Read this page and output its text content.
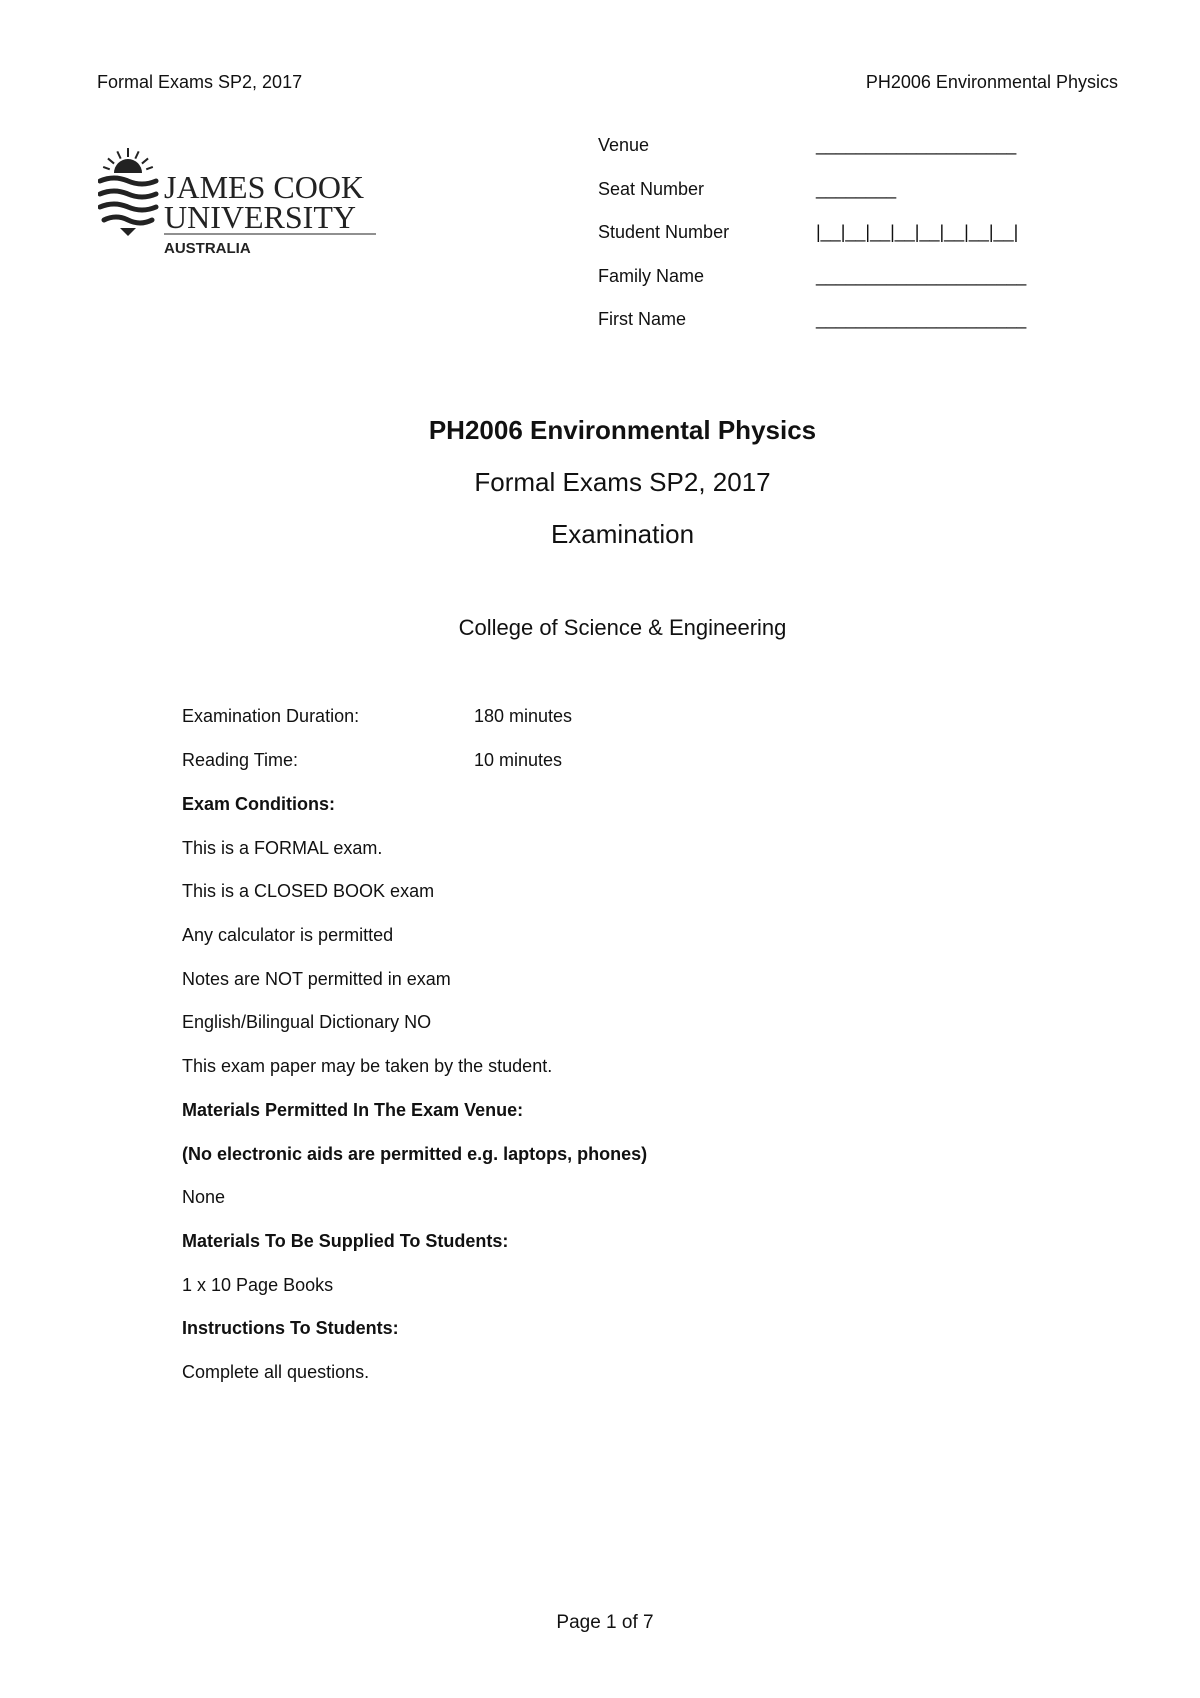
Formal Exams SP2, 2017	PH2006 Environmental Physics
JAMES COOK
UNIVERSITY
AUSTRALIA
Venue	____________________
Seat Number	________
Student Number	|__|__|__|__|__|__|__|__|
Family Name	_____________________
First Name	_____________________
PH2006 Environmental Physics
Formal Exams SP2, 2017
Examination
College of Science & Engineering
Examination Duration:	180 minutes
Reading Time:	10 minutes
Exam Conditions:
This is a FORMAL exam.
This is a CLOSED BOOK exam
Any calculator is permitted
Notes are NOT permitted in exam
English/Bilingual Dictionary NO
This exam paper may be taken by the student.
Materials Permitted In The Exam Venue:
(No electronic aids are permitted e.g. laptops, phones)
None
Materials To Be Supplied To Students:
1 x 10 Page Books
Instructions To Students:
Complete all questions.
Page 1 of 7
